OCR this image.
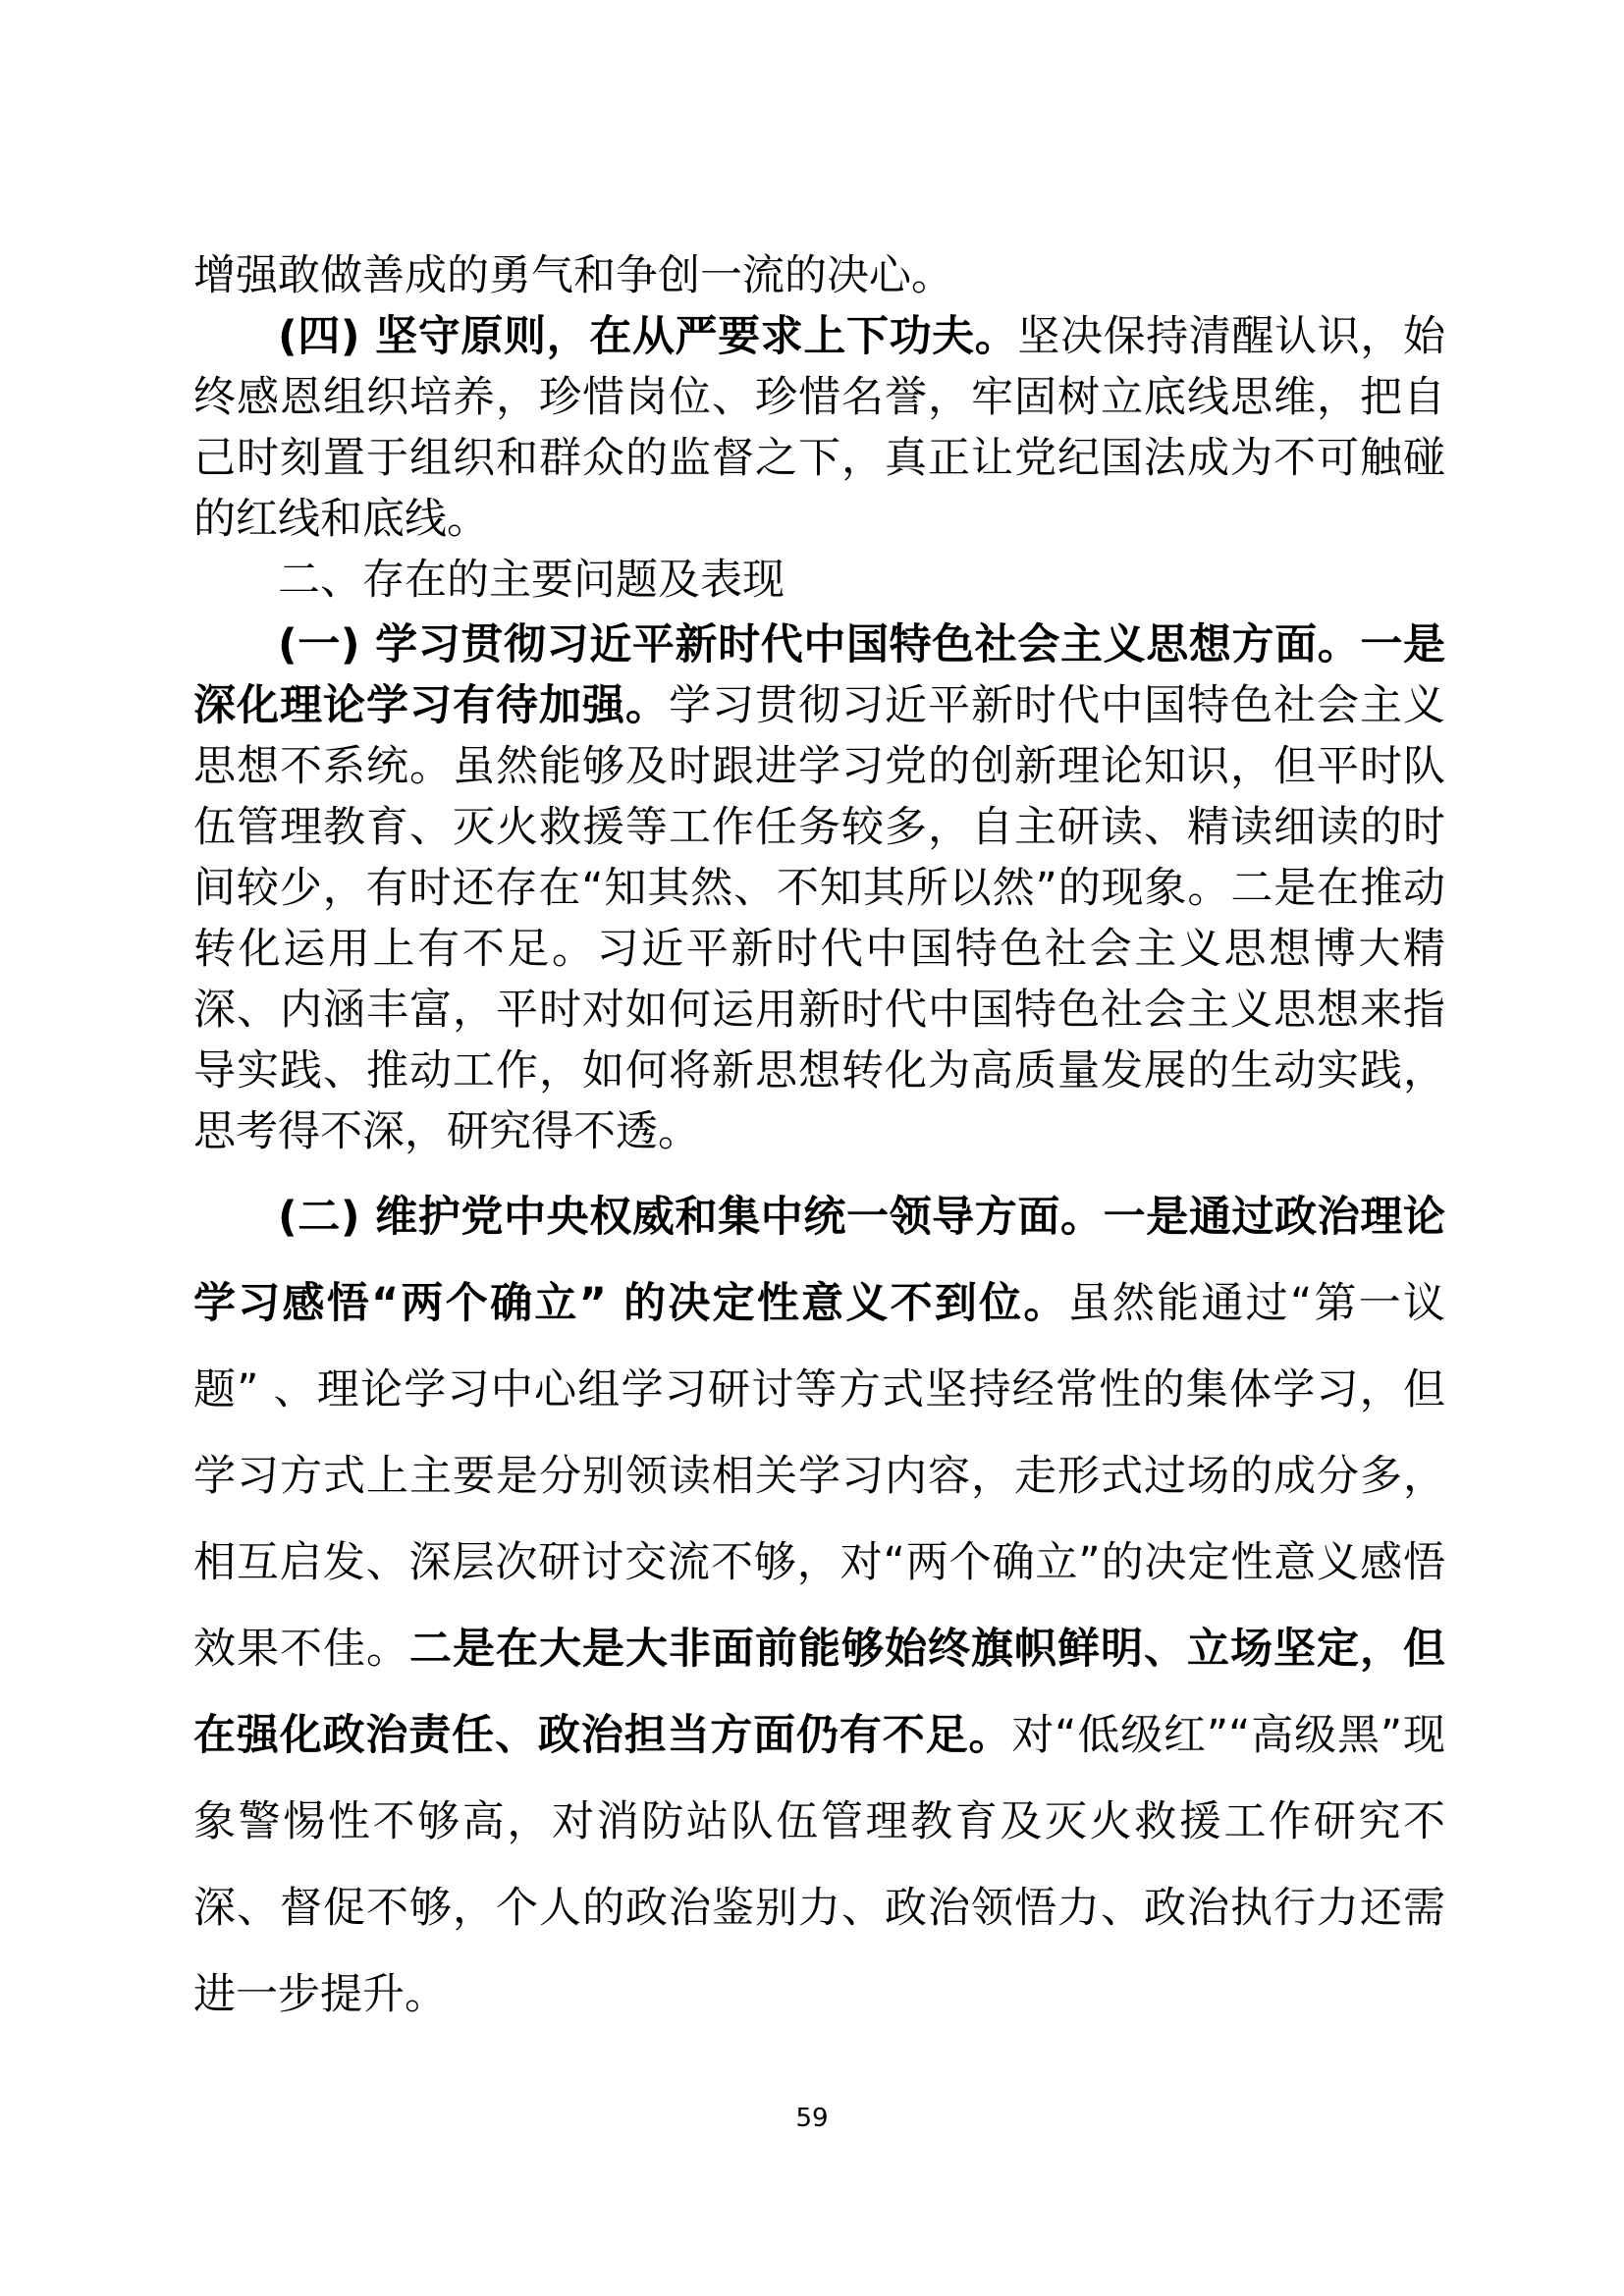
增强敢做善成的勇气和争创一流的决心。

(四) 坚守原则，在从严要求上下功夫。坚决保持清醒认识，始终感恩组织培养，珍惜岗位、珍惜名誉，牢固树立底线思维，把自己时刻置于组织和群众的监督之下，真正让党纪国法成为不可触碰的红线和底线。

二、存在的主要问题及表现

(一) 学习贯彻习近平新时代中国特色社会主义思想方面。一是深化理论学习有待加强。学习贯彻习近平新时代中国特色社会主义思想不系统。虽然能够及时跟进学习党的创新理论知识，但平时队伍管理教育、灭火救援等工作任务较多，自主研读、精读细读的时间较少，有时还存在“知其然、不知其所以然”的现象。二是在推动转化运用上有不足。习近平新时代中国特色社会主义思想博大精深、内涵丰富，平时对如何运用新时代中国特色社会主义思想来指导实践、推动工作，如何将新思想转化为高质量发展的生动实践，思考得不深，研究得不透。

(二) 维护党中央权威和集中统一领导方面。一是通过政治理论学习感悟“两个确立” 的决定性意义不到位。虽然能通过“第一议题” 、理论学习中心组学习研讨等方式坚持经常性的集体学习，但学习方式上主要是分别领读相关学习内容，走形式过场的成分多，相互启发、深层次研讨交流不够，对“两个确立”的决定性意义感悟效果不佳。二是在大是大非面前能够始终旗帜鲜明、立场坚定，但在强化政治责任、政治担当方面仍有不足。对“低级红”“高级黑”现象警惕性不够高，对消防站队伍管理教育及灭火救援工作研究不深、督促不够，个人的政治鉴别力、政治领悟力、政治执行力还需进一步提升。

59
